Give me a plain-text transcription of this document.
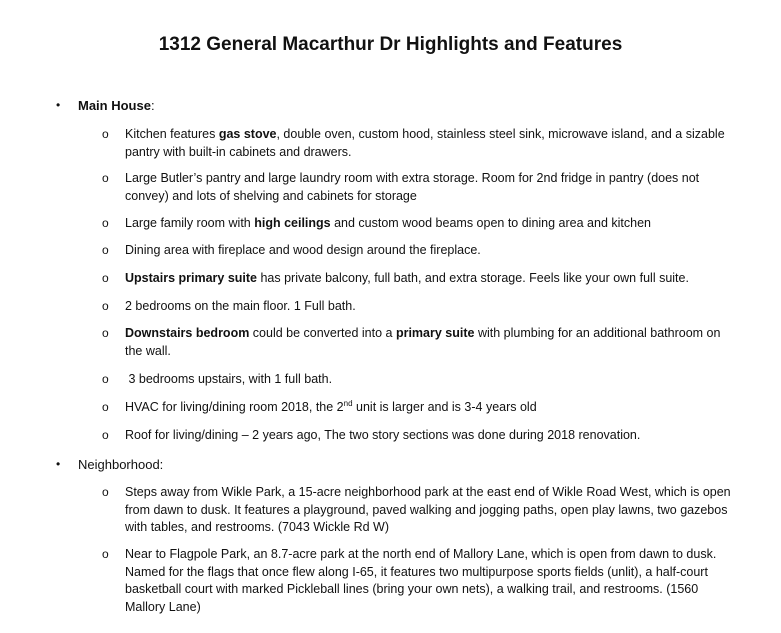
1312 General Macarthur Dr Highlights and Features
• Main House:
o Kitchen features gas stove, double oven, custom hood, stainless steel sink, microwave island, and a sizable pantry with built-in cabinets and drawers.
o Large Butler’s pantry and large laundry room with extra storage. Room for 2nd fridge in pantry (does not convey) and lots of shelving and cabinets for storage
o Large family room with high ceilings and custom wood beams open to dining area and kitchen
o Dining area with fireplace and wood design around the fireplace.
o Upstairs primary suite has private balcony, full bath, and extra storage. Feels like your own full suite.
o 2 bedrooms on the main floor. 1 Full bath.
o Downstairs bedroom could be converted into a primary suite with plumbing for an additional bathroom on the wall.
o 3 bedrooms upstairs, with 1 full bath.
o HVAC for living/dining room 2018, the 2nd unit is larger and is 3-4 years old
o Roof for living/dining – 2 years ago, The two story sections was done during 2018 renovation.
• Neighborhood:
o Steps away from Wikle Park, a 15-acre neighborhood park at the east end of Wikle Road West, which is open from dawn to dusk. It features a playground, paved walking and jogging paths, open play lawns, two gazebos with tables, and restrooms. (7043 Wickle Rd W)
o Near to Flagpole Park, an 8.7-acre park at the north end of Mallory Lane, which is open from dawn to dusk. Named for the flags that once flew along I-65, it features two multipurpose sports fields (unlit), a half-court basketball court with marked Pickleball lines (bring your own nets), a walking trail, and restrooms. (1560 Mallory Lane)
